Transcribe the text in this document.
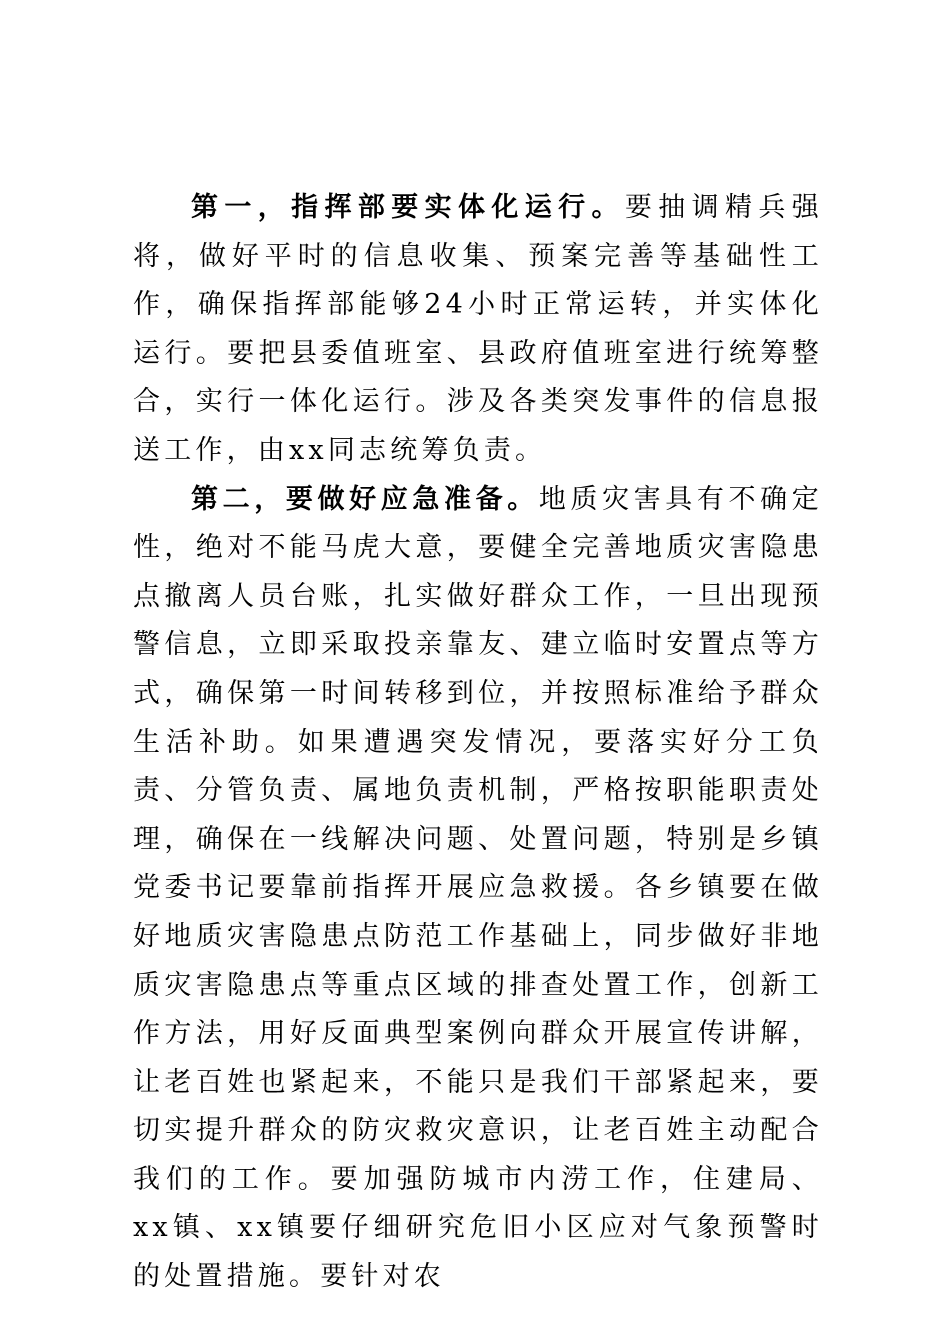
第一，指挥部要实体化运行。要抽调精兵强将，做好平时的信息收集、预案完善等基础性工作，确保指挥部能够24小时正常运转，并实体化运行。要把县委值班室、县政府值班室进行统筹整合，实行一体化运行。涉及各类突发事件的信息报送工作，由xx同志统筹负责。

第二，要做好应急准备。地质灾害具有不确定性，绝对不能马虎大意，要健全完善地质灾害隐患点撤离人员台账，扎实做好群众工作，一旦出现预警信息，立即采取投亲靠友、建立临时安置点等方式，确保第一时间转移到位，并按照标准给予群众生活补助。如果遭遇突发情况，要落实好分工负责、分管负责、属地负责机制，严格按职能职责处理，确保在一线解决问题、处置问题，特别是乡镇党委书记要靠前指挥开展应急救援。各乡镇要在做好地质灾害隐患点防范工作基础上，同步做好非地质灾害隐患点等重点区域的排查处置工作，创新工作方法，用好反面典型案例向群众开展宣传讲解，让老百姓也紧起来，不能只是我们干部紧起来，要切实提升群众的防灾救灾意识，让老百姓主动配合我们的工作。要加强防城市内涝工作，住建局、xx镇、xx镇要仔细研究危旧小区应对气象预警时的处置措施。要针对农
